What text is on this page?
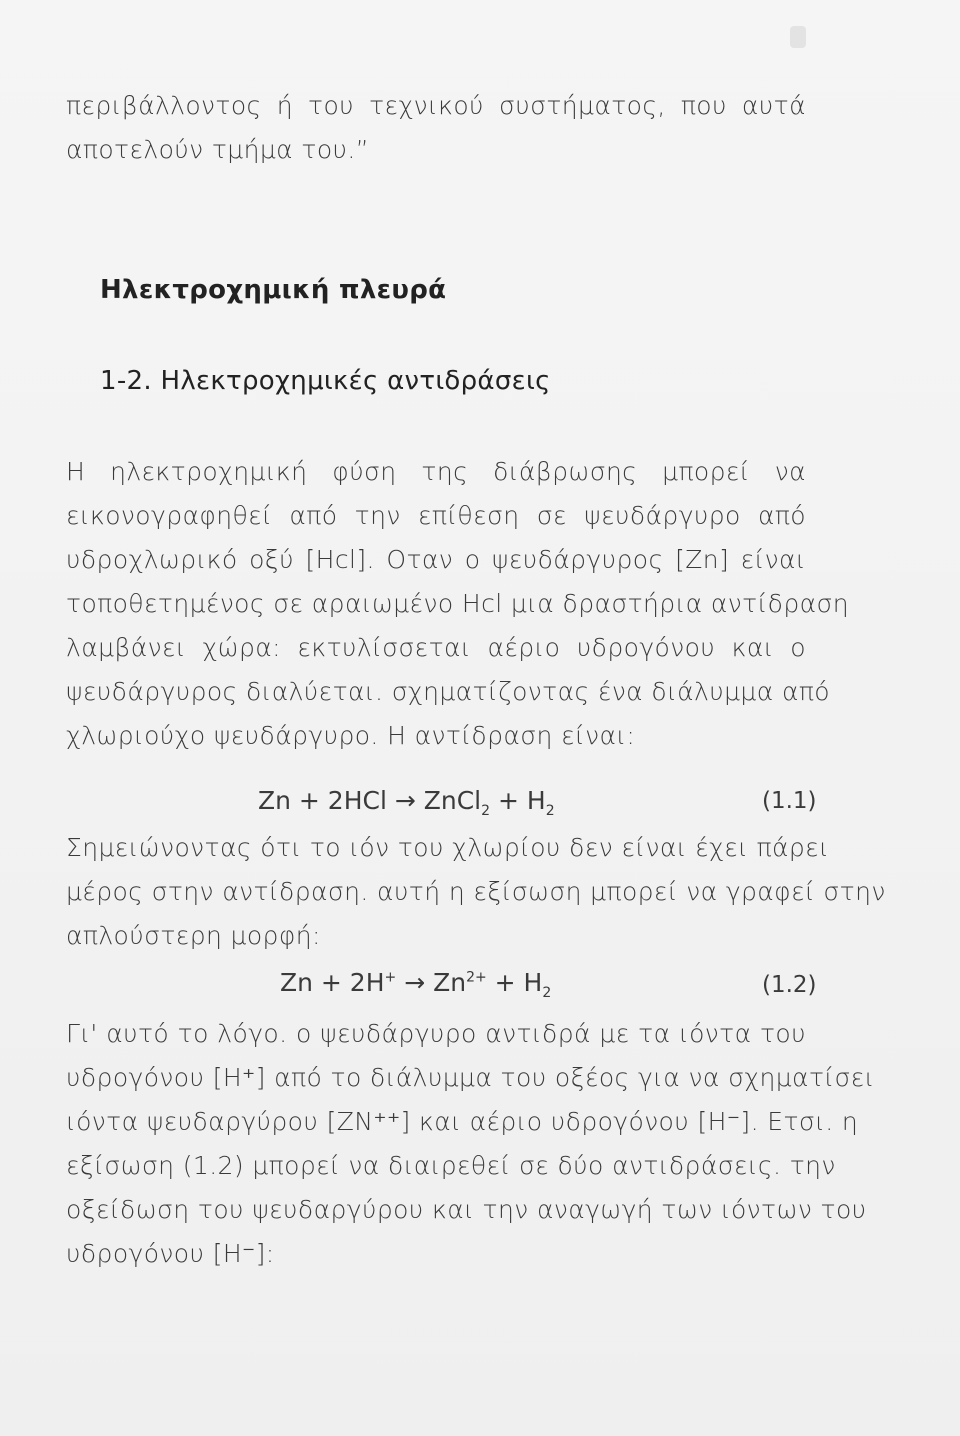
περιβάλλοντος ή του τεχνικού συστήματος, που αυτά
αποτελούν τμήμα του.”
Ηλεκτροχημική πλευρά
1-2. Ηλεκτροχημικές αντιδράσεις
Η ηλεκτροχημική φύση της διάβρωσης μπορεί να
εικονογραφηθεί από την επίθεση σε ψευδάργυρο από
υδροχλωρικό οξύ [Hcl]. Οταν ο ψευδάργυρος [Zn] είναι
τοποθετημένος σε αραιωμένο Hcl μια δραστήρια αντίδραση
λαμβάνει χώρα: εκτυλίσσεται αέριο υδρογόνου και ο
ψευδάργυρος διαλύεται. σχηματίζοντας ένα διάλυμμα από
χλωριούχο ψευδάργυρο. Η αντίδραση είναι:
Zn + 2HCl → ZnCl$_2$ + $H_2$	(1.1)
Σημειώνοντας ότι το ιόν του χλωρίου δεν είναι έχει πάρει
μέρος στην αντίδραση. αυτή η εξίσωση μπορεί να γραφεί στην
απλούστερη μορφή:
$Zn + 2H^+ \to Zn^{2+} + H_2$	(1.2)
Γι' αυτό το λόγο. ο ψευδάργυρο αντιδρά με τα ιόντα του
υδρογόνου [H⁺] από το διάλυμμα του οξέος για να σχηματίσει
ιόντα ψευδαργύρου [ZN⁺⁺] και αέριο υδρογόνου [H⁻]. Ετσι. η
εξίσωση (1.2) μπορεί να διαιρεθεί σε δύο αντιδράσεις. την
οξείδωση του ψευδαργύρου και την αναγωγή των ιόντων του
υδρογόνου [H⁻]:
